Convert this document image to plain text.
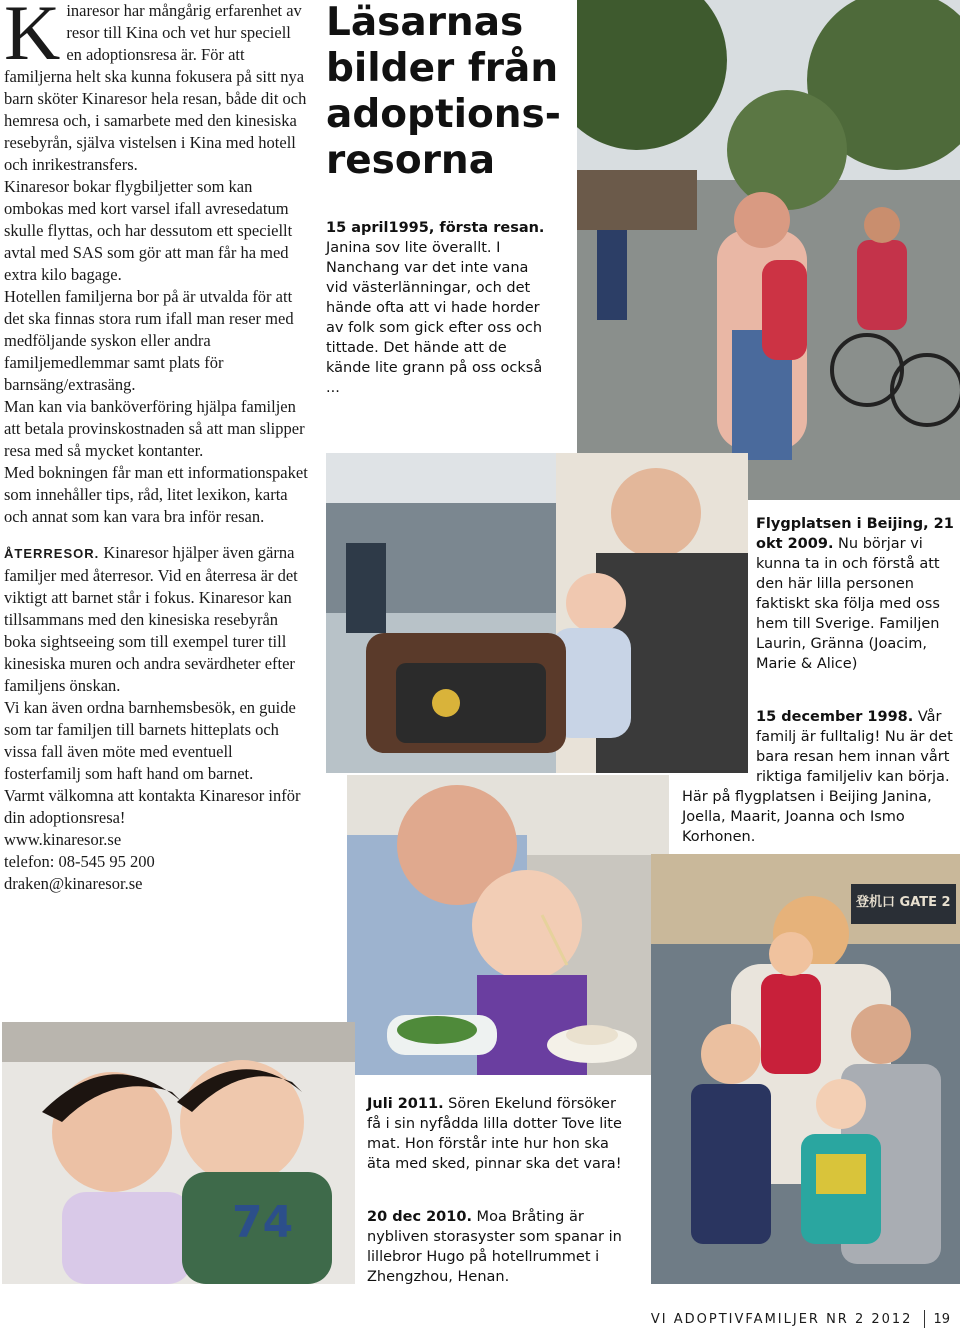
Kinaresor har mångårig erfarenhet av resor till Kina och vet hur speciell en adoptionsresa är. För att familjerna helt ska kunna fokusera på sitt nya barn sköter Kinaresor hela resan, både dit och hemresa och, i samarbete med den kinesiska resebyrån, själva vistelsen i Kina med hotell och inrikestransfers.

Kinaresor bokar flygbiljetter som kan ombokas med kort varsel ifall avresedatum skulle flyttas, och har dessutom ett speciellt avtal med SAS som gör att man får ha med extra kilo bagage.

Hotellen familjerna bor på är utvalda för att det ska finnas stora rum ifall man reser med medföljande syskon eller andra familjemedlemmar samt plats för barnsäng/extrasäng.

Man kan via banköverföring hjälpa familjen att betala provinskostnaden så att man slipper resa med så mycket kontanter.

Med bokningen får man ett informationspaket som innehåller tips, råd, litet lexikon, karta och annat som kan vara bra inför resan.

ÅTERRESOR. Kinaresor hjälper även gärna familjer med återresor. Vid en återresa är det viktigt att barnet står i fokus. Kinaresor kan tillsammans med den kinesiska resebyrån boka sightseeing som till exempel turer till kinesiska muren och andra sevärdheter efter familjens önskan.

Vi kan även ordna barnhemsbesök, en guide som tar familjen till barnets hitteplats och vissa fall även möte med eventuell fosterfamilj som haft hand om barnet.

Varmt välkomna att kontakta Kinaresor inför din adoptionsresa!

www.kinaresor.se

telefon: 08-545 95 200

draken@kinaresor.se

Läsarnas bilder från adoptions-resorna
15 april1995, första resan. Janina sov lite överallt. I Nanchang var det inte vana vid västerlänningar, och det hände ofta att vi hade horder av folk som gick efter oss och tittade. Det hände att de kände lite grann på oss också ...
Flygplatsen i Beijing, 21 okt 2009. Nu börjar vi kunna ta in och förstå att den här lilla personen faktiskt ska följa med oss hem till Sverige. Familjen Laurin, Gränna (Joacim, Marie & Alice)
15 december 1998. Vår familj är fulltalig! Nu är det bara resan hem innan vårt riktiga familjeliv kan börja. Här på flygplatsen i Beijing Janina, Joella, Maarit, Joanna och Ismo Korhonen.
登机口 GATE 2
74
Juli 2011. Sören Ekelund försöker få i sin nyfådda lilla dotter Tove lite mat. Hon förstår inte hur hon ska äta med sked, pinnar ska det vara!
20 dec 2010. Moa Bråting är nybliven storasyster som spanar in lillebror Hugo på hotellrummet i Zhengzhou, Henan.
VI ADOPTIVFAMILJER NR 2 2012 19
